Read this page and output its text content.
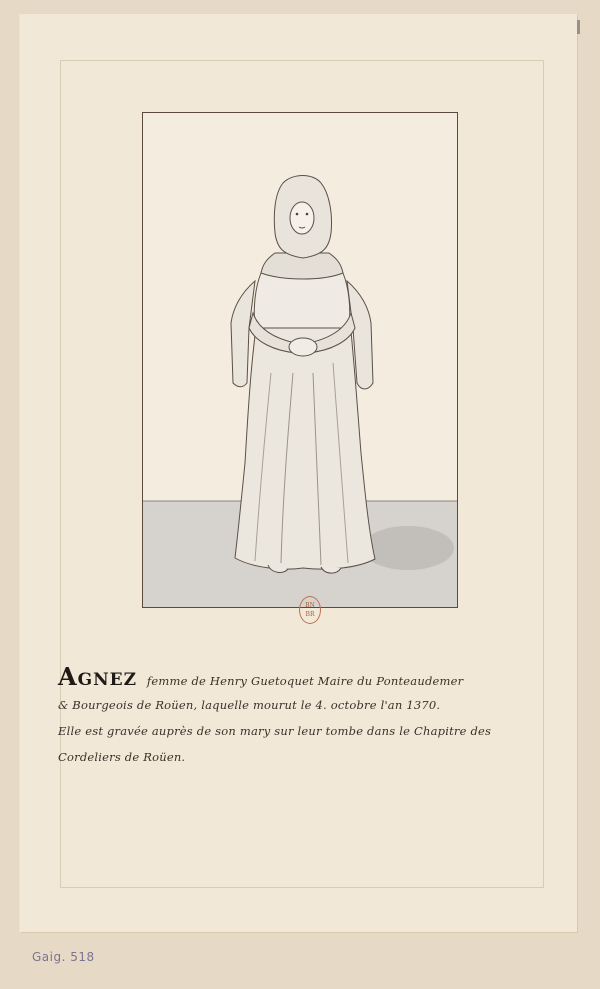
BN
BR
AGNEZ femme de Henry Guetoquet Maire du Ponteaudemer
& Bourgeois de Roüen, laquelle mourut le 4. octobre l'an 1370.
Elle est gravée auprès de son mary sur leur tombe dans le Chapitre des
Cordeliers de Roüen.
Gaig. 518
